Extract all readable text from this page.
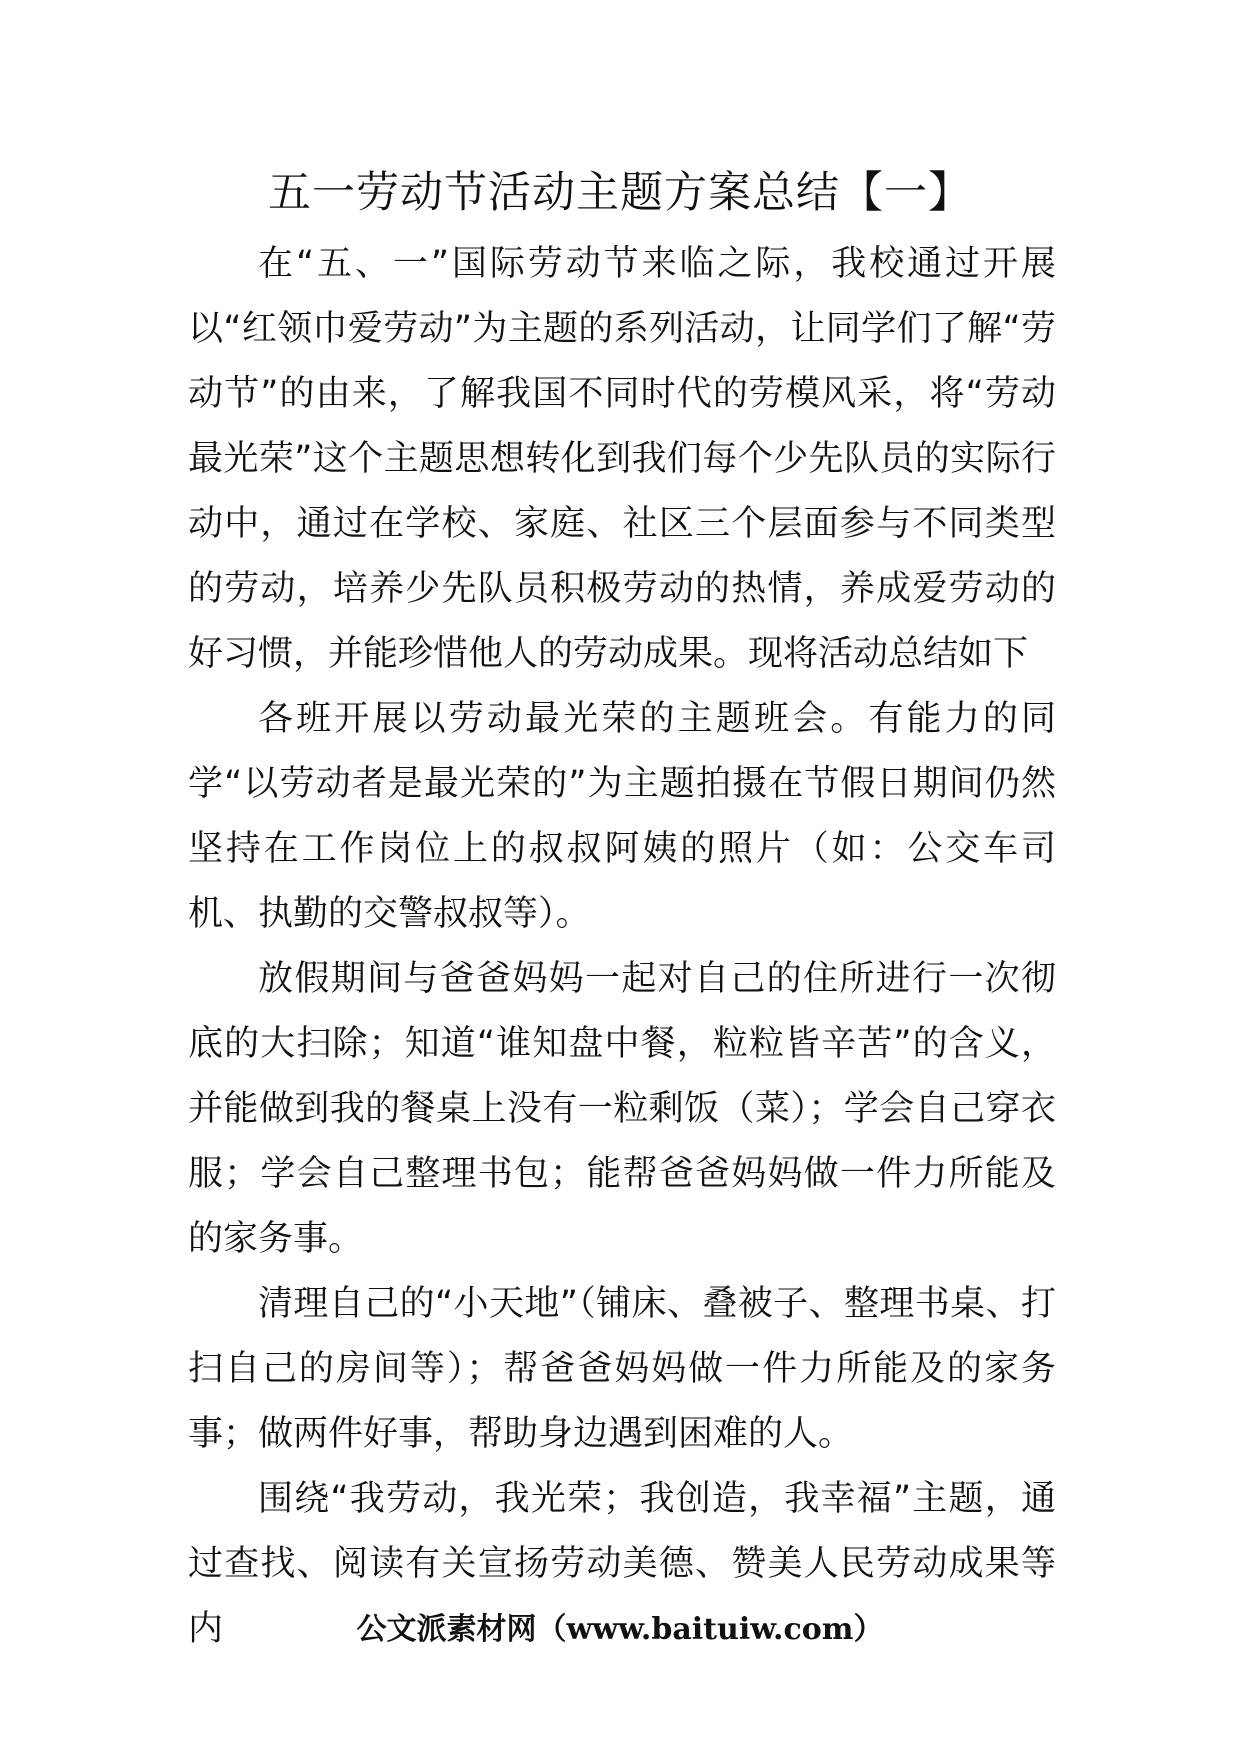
五一劳动节活动主题方案总结【一】

在“五、一”国际劳动节来临之际，我校通过开展以“红领巾爱劳动”为主题的系列活动，让同学们了解“劳动节”的由来，了解我国不同时代的劳模风采，将“劳动最光荣”这个主题思想转化到我们每个少先队员的实际行动中，通过在学校、家庭、社区三个层面参与不同类型的劳动，培养少先队员积极劳动的热情，养成爱劳动的好习惯，并能珍惜他人的劳动成果。现将活动总结如下

各班开展以劳动最光荣的主题班会。有能力的同学“以劳动者是最光荣的”为主题拍摄在节假日期间仍然坚持在工作岗位上的叔叔阿姨的照片（如：公交车司机、执勤的交警叔叔等）。

放假期间与爸爸妈妈一起对自己的住所进行一次彻底的大扫除；知道“谁知盘中餐，粒粒皆辛苦”的含义，并能做到我的餐桌上没有一粒剩饭（菜）；学会自己穿衣服；学会自己整理书包；能帮爸爸妈妈做一件力所能及的家务事。

清理自己的“小天地”（铺床、叠被子、整理书桌、打扫自己的房间等）；帮爸爸妈妈做一件力所能及的家务事；做两件好事，帮助身边遇到困难的人。

围绕“我劳动，我光荣；我创造，我幸福”主题，通过查找、阅读有关宣扬劳动美德、赞美人民劳动成果等内	公文派素材网（www.baituiw.com）
